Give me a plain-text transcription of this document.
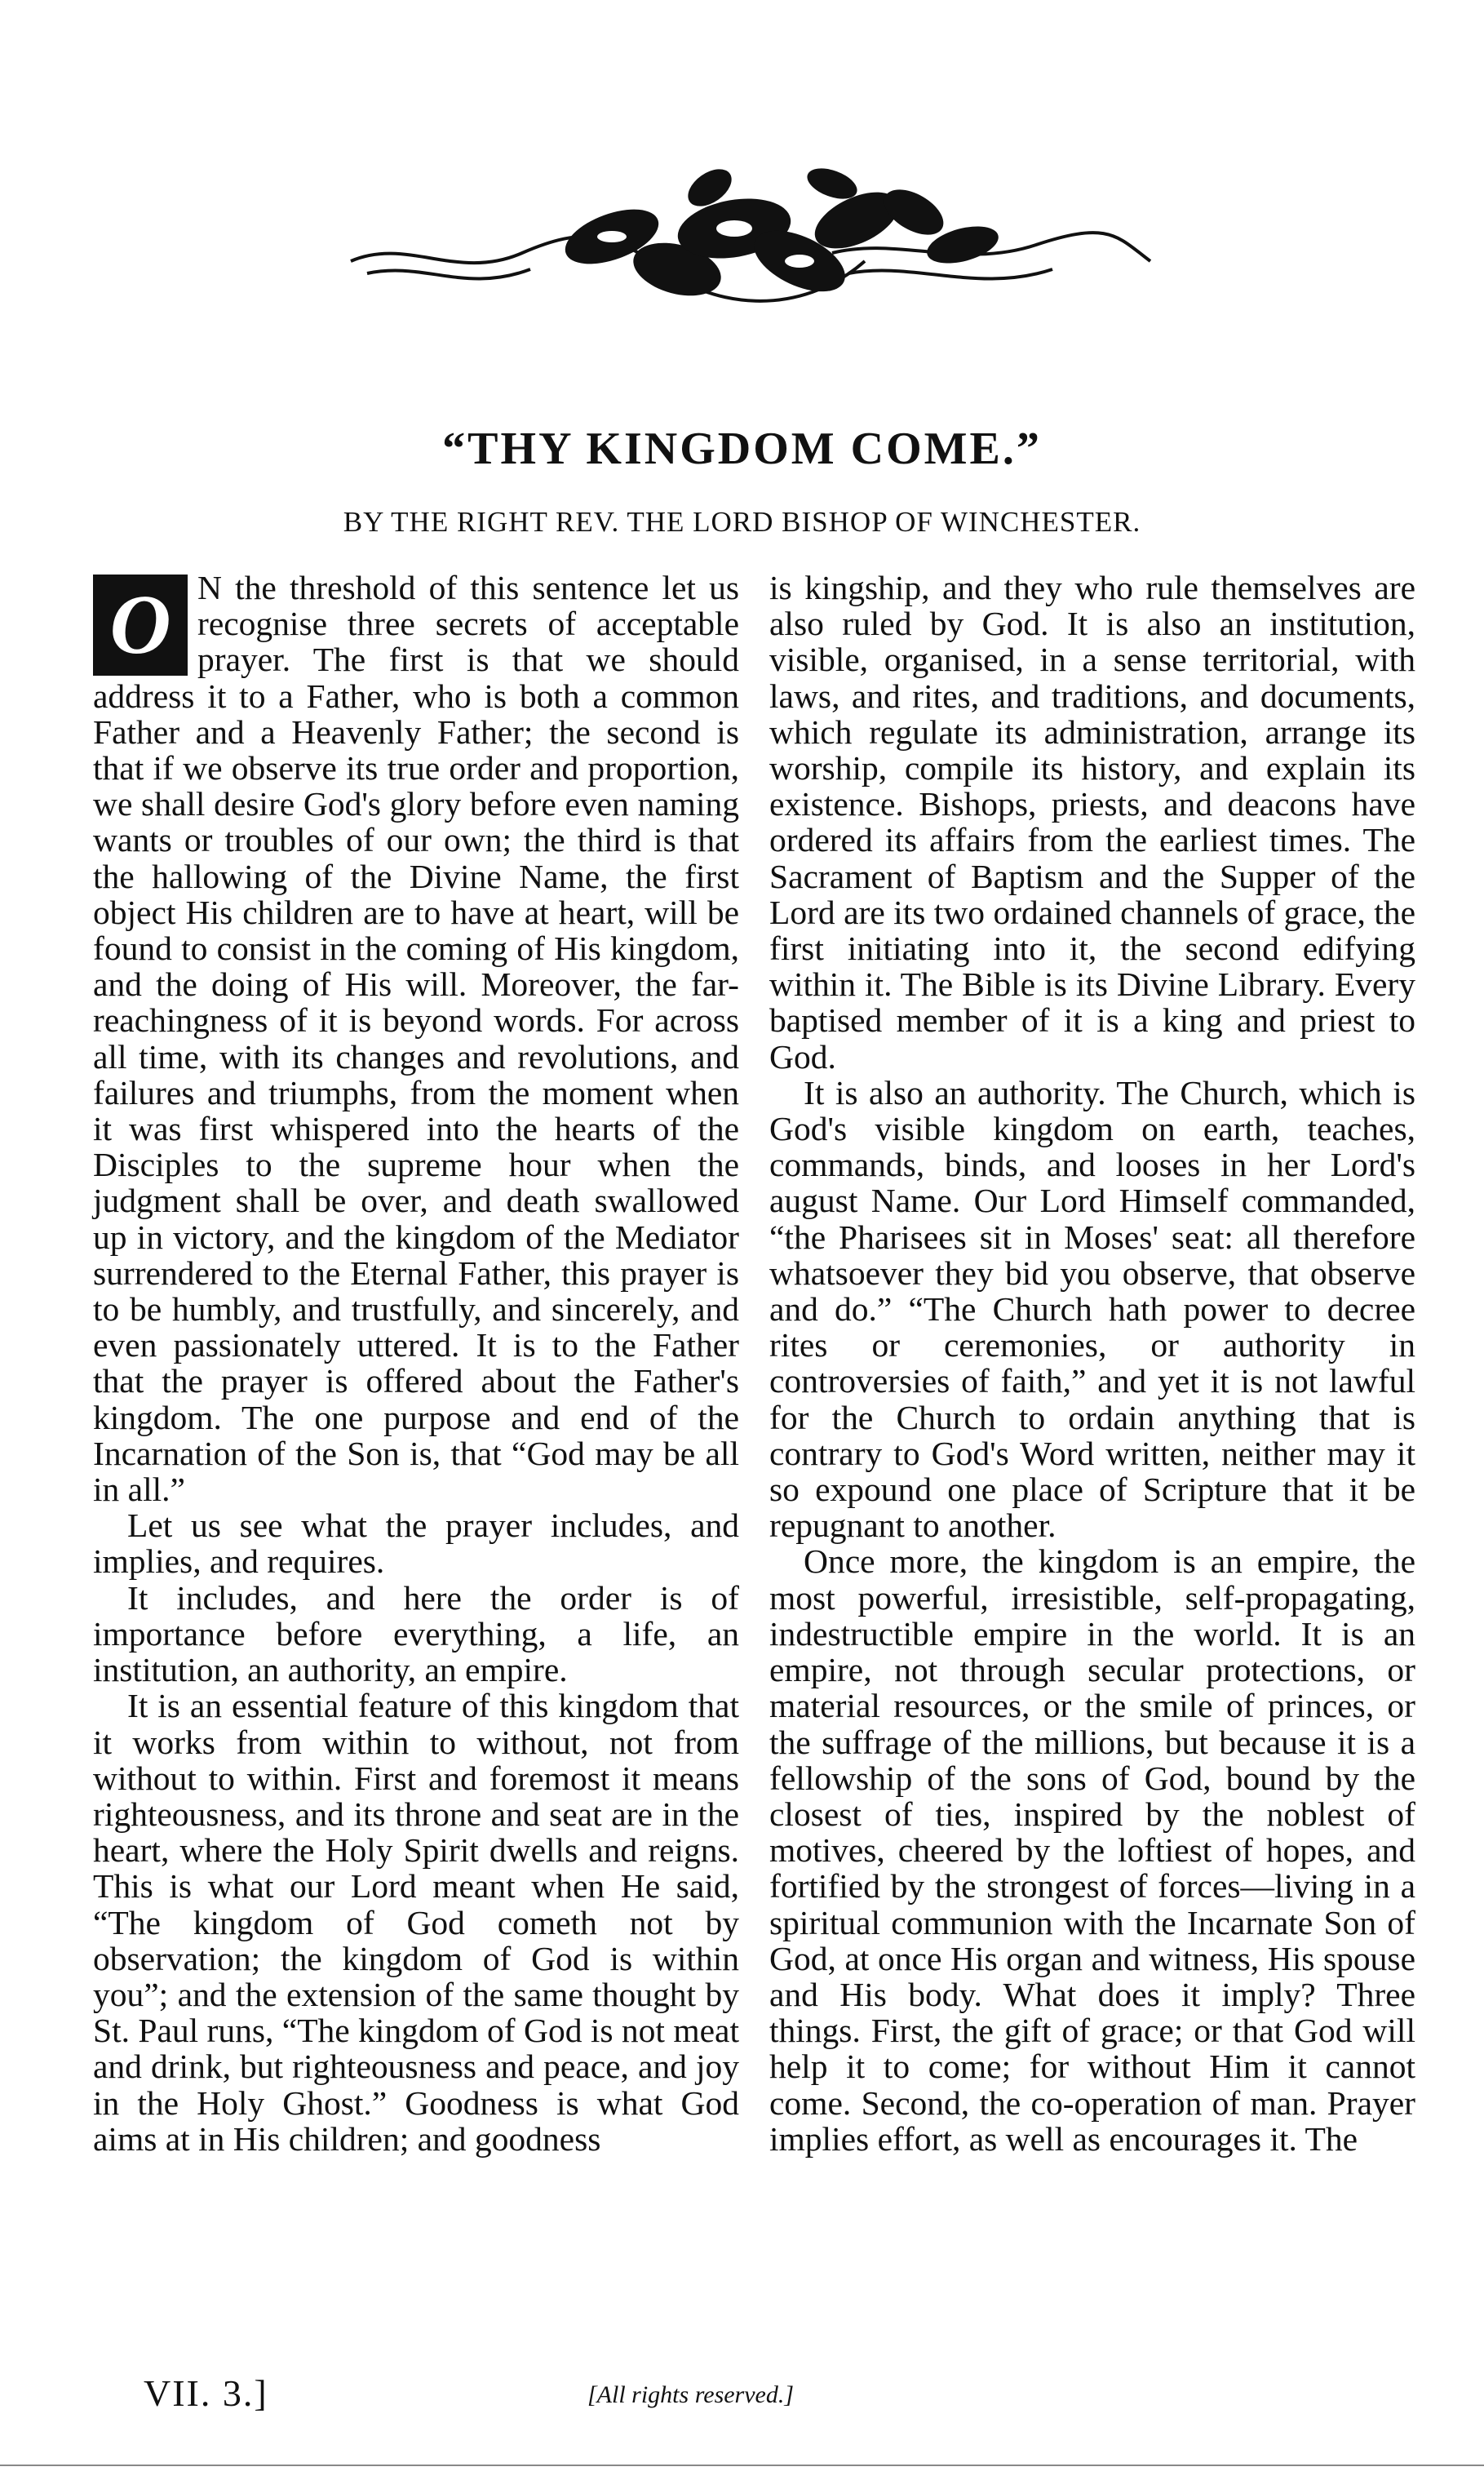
“THY KINGDOM COME.”
BY THE RIGHT REV. THE LORD BISHOP OF WINCHESTER.

O N the threshold of this sentence let us recognise three secrets of acceptable prayer. The first is that we should address it to a Father, who is both a common Father and a Heavenly Father; the second is that if we observe its true order and proportion, we shall desire God's glory before even naming wants or troubles of our own; the third is that the hallowing of the Divine Name, the first object His children are to have at heart, will be found to consist in the coming of His kingdom, and the doing of His will. Moreover, the far-reachingness of it is beyond words. For across all time, with its changes and revolutions, and failures and triumphs, from the moment when it was first whispered into the hearts of the Disciples to the supreme hour when the judgment shall be over, and death swallowed up in victory, and the kingdom of the Mediator surrendered to the Eternal Father, this prayer is to be humbly, and trustfully, and sincerely, and even passionately uttered. It is to the Father that the prayer is offered about the Father's kingdom. The one purpose and end of the Incarnation of the Son is, that “God may be all in all.”

Let us see what the prayer includes, and implies, and requires.

It includes, and here the order is of importance before everything, a life, an institution, an authority, an empire.

It is an essential feature of this kingdom that it works from within to without, not from without to within. First and foremost it means righteousness, and its throne and seat are in the heart, where the Holy Spirit dwells and reigns. This is what our Lord meant when He said, “The kingdom of God cometh not by observation; the kingdom of God is within you”; and the extension of the same thought by St. Paul runs, “The kingdom of God is not meat and drink, but righteousness and peace, and joy in the Holy Ghost.” Goodness is what God aims at in His children; and goodness

is kingship, and they who rule themselves are also ruled by God. It is also an institution, visible, organised, in a sense territorial, with laws, and rites, and traditions, and documents, which regulate its administration, arrange its worship, compile its history, and explain its existence. Bishops, priests, and deacons have ordered its affairs from the earliest times. The Sacrament of Baptism and the Supper of the Lord are its two ordained channels of grace, the first initiating into it, the second edifying within it. The Bible is its Divine Library. Every baptised member of it is a king and priest to God.

It is also an authority. The Church, which is God's visible kingdom on earth, teaches, commands, binds, and looses in her Lord's august Name. Our Lord Himself commanded, “the Pharisees sit in Moses' seat: all therefore whatsoever they bid you observe, that observe and do.” “The Church hath power to decree rites or ceremonies, or authority in controversies of faith,” and yet it is not lawful for the Church to ordain anything that is contrary to God's Word written, neither may it so expound one place of Scripture that it be repugnant to another.

Once more, the kingdom is an empire, the most powerful, irresistible, self-propagating, indestructible empire in the world. It is an empire, not through secular protections, or material resources, or the smile of princes, or the suffrage of the millions, but because it is a fellowship of the sons of God, bound by the closest of ties, inspired by the noblest of motives, cheered by the loftiest of hopes, and fortified by the strongest of forces—living in a spiritual communion with the Incarnate Son of God, at once His organ and witness, His spouse and His body. What does it imply? Three things. First, the gift of grace; or that God will help it to come; for without Him it cannot come. Second, the co-operation of man. Prayer implies effort, as well as encourages it. The

VII. 3.]	[All rights reserved.]
